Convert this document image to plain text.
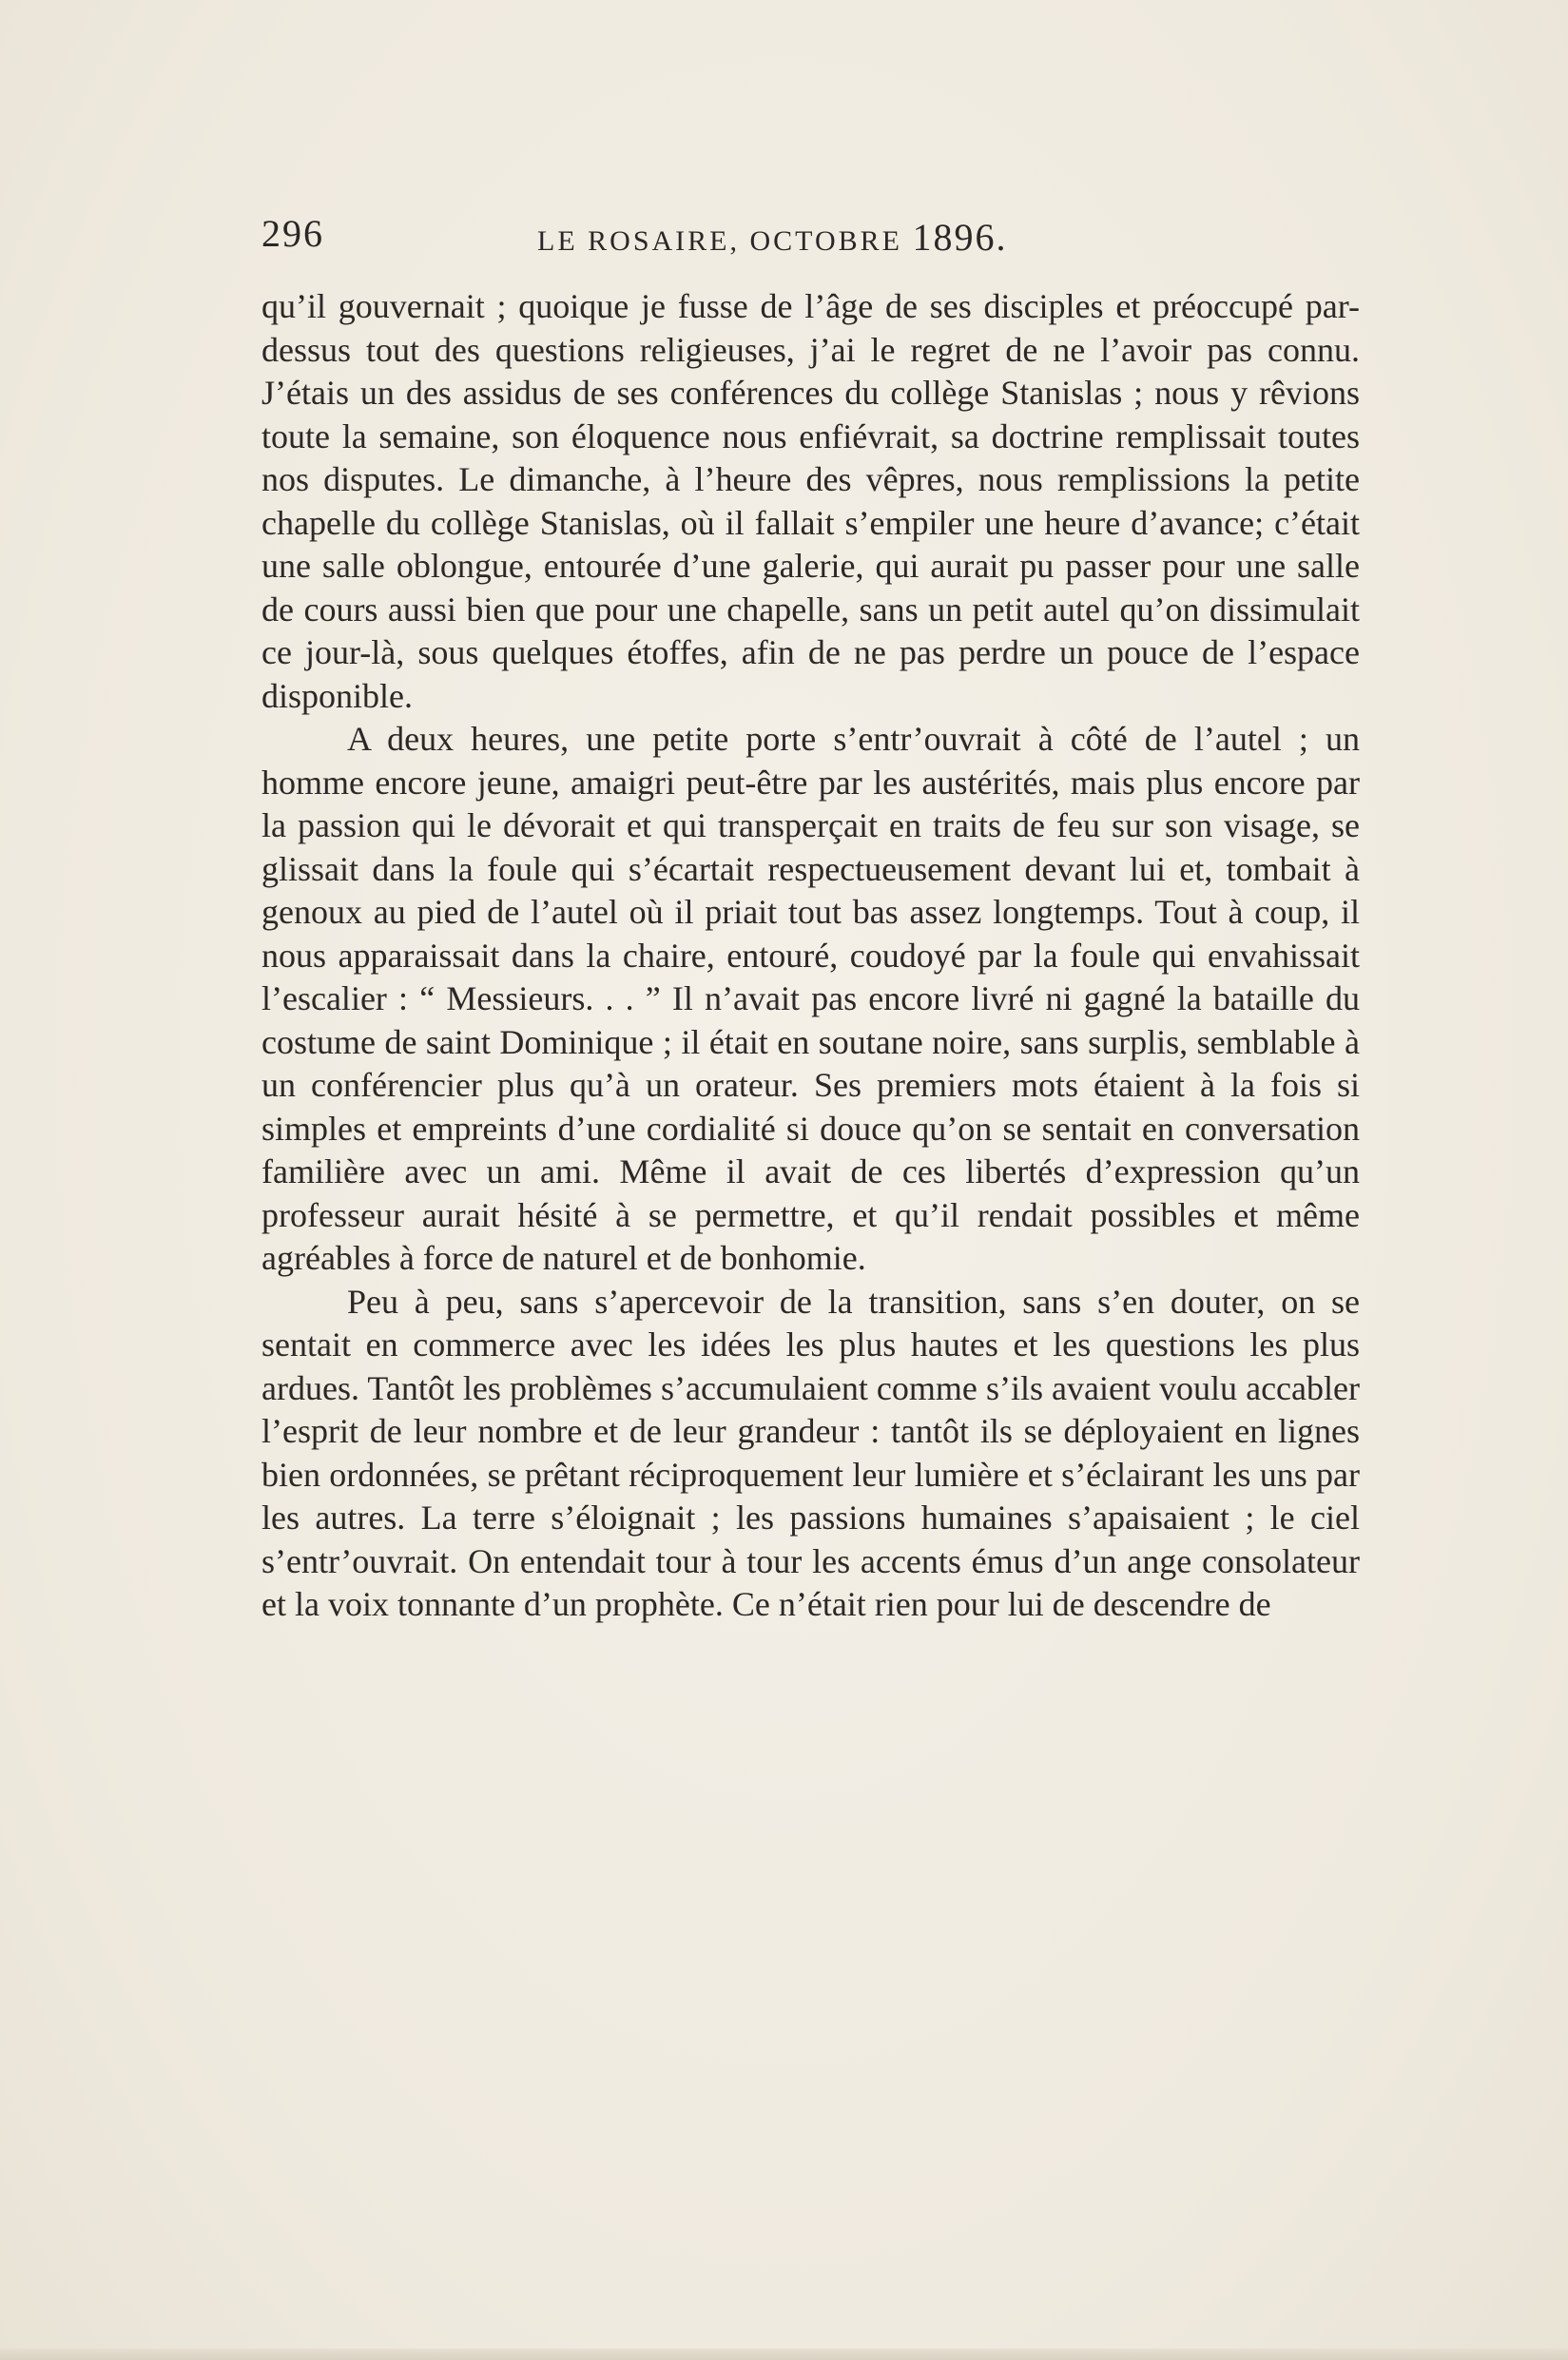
296	LE ROSAIRE, OCTOBRE 1896.

qu’il gouvernait ; quoique je fusse de l’âge de ses disciples et préoccupé par-dessus tout des questions religieuses, j’ai le regret de ne l’avoir pas connu. J’étais un des assidus de ses conférences du collège Stanislas ; nous y rêvions toute la semaine, son éloquence nous enfiévrait, sa doctrine remplissait toutes nos disputes. Le dimanche, à l’heure des vêpres, nous remplissions la petite chapelle du collège Stanislas, où il fallait s’empiler une heure d’avance; c’était une salle oblongue, entourée d’une galerie, qui aurait pu passer pour une salle de cours aussi bien que pour une chapelle, sans un petit autel qu’on dissimulait ce jour-là, sous quelques étoffes, afin de ne pas perdre un pouce de l’espace disponible.

A deux heures, une petite porte s’entr’ouvrait à côté de l’autel ; un homme encore jeune, amaigri peut-être par les austérités, mais plus encore par la passion qui le dévorait et qui transperçait en traits de feu sur son visage, se glissait dans la foule qui s’écartait respectueusement devant lui et, tombait à genoux au pied de l’autel où il priait tout bas assez longtemps. Tout à coup, il nous apparaissait dans la chaire, entouré, coudoyé par la foule qui envahissait l’escalier : “ Messieurs. . . ” Il n’avait pas encore livré ni gagné la bataille du costume de saint Dominique ; il était en soutane noire, sans surplis, semblable à un conférencier plus qu’à un orateur. Ses premiers mots étaient à la fois si simples et empreints d’une cordialité si douce qu’on se sentait en conversation familière avec un ami. Même il avait de ces libertés d’expression qu’un professeur aurait hésité à se permettre, et qu’il rendait possibles et même agréables à force de naturel et de bonhomie.

Peu à peu, sans s’apercevoir de la transition, sans s’en douter, on se sentait en commerce avec les idées les plus hautes et les questions les plus ardues. Tantôt les problèmes s’accumulaient comme s’ils avaient voulu accabler l’esprit de leur nombre et de leur grandeur : tantôt ils se déployaient en lignes bien ordonnées, se prêtant réciproquement leur lumière et s’éclairant les uns par les autres. La terre s’éloignait ; les passions humaines s’apaisaient ; le ciel s’entr’ouvrait. On entendait tour à tour les accents émus d’un ange consolateur et la voix tonnante d’un prophète. Ce n’était rien pour lui de descendre de
